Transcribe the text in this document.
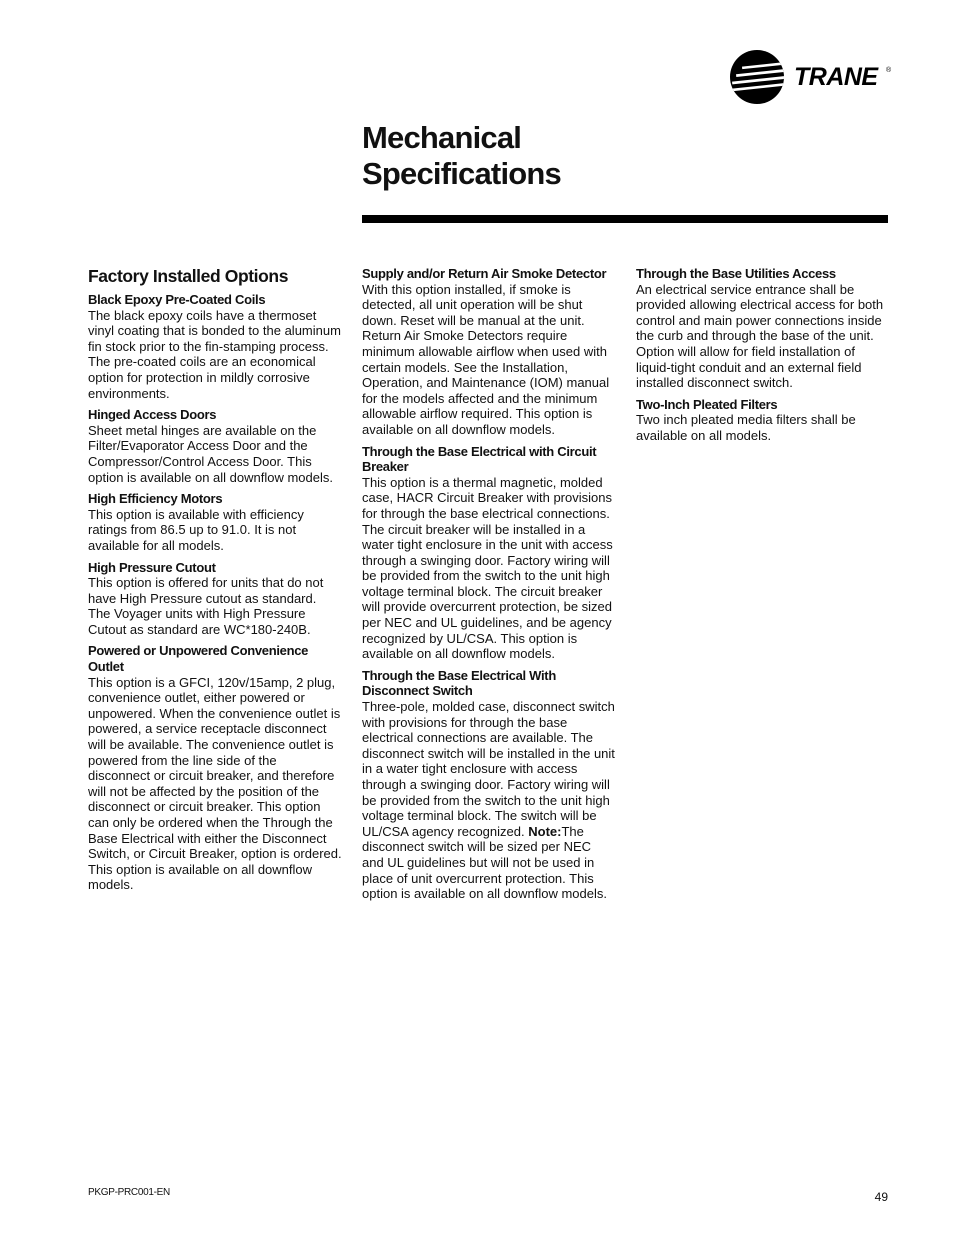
TRANE ®
Mechanical
Specifications
Factory Installed Options
Black Epoxy Pre-Coated Coils

The black epoxy coils have a thermoset vinyl coating that is bonded to the aluminum fin stock prior to the fin-stamping process. The pre-coated coils are an economical option for protection in mildly corrosive environments.

Hinged Access Doors

Sheet metal hinges are available on the Filter/Evaporator Access Door and the Compressor/Control Access Door. This option is available on all downflow models.

High Efficiency Motors

This option is available with efficiency ratings from 86.5 up to 91.0. It is not available for all models.

High Pressure Cutout

This option is offered for units that do not have High Pressure cutout as standard. The Voyager units with High Pressure Cutout as standard are WC*180-240B.

Powered or Unpowered Convenience Outlet

This option is a GFCI, 120v/15amp, 2 plug, convenience outlet, either powered or unpowered. When the convenience outlet is powered, a service receptacle disconnect will be available. The convenience outlet is powered from the line side of the disconnect or circuit breaker, and therefore will not be affected by the position of the disconnect or circuit breaker. This option can only be ordered when the Through the Base Electrical with either the Disconnect Switch, or Circuit Breaker, option is ordered. This option is available on all downflow models.

Supply and/or Return Air Smoke Detector

With this option installed, if smoke is detected, all unit operation will be shut down. Reset will be manual at the unit. Return Air Smoke Detectors require minimum allowable airflow when used with certain models. See the Installation, Operation, and Maintenance (IOM) manual for the models affected and the minimum allowable airflow required. This option is available on all downflow models.

Through the Base Electrical with Circuit Breaker

This option is a thermal magnetic, molded case, HACR Circuit Breaker with provisions for through the base electrical connections. The circuit breaker will be installed in a water tight enclosure in the unit with access through a swinging door. Factory wiring will be provided from the switch to the unit high voltage terminal block. The circuit breaker will provide overcurrent protection, be sized per NEC and UL guidelines, and be agency recognized by UL/CSA. This option is available on all downflow models.

Through the Base Electrical With Disconnect Switch

Three-pole, molded case, disconnect switch with provisions for through the base electrical connections are available. The disconnect switch will be installed in the unit in a water tight enclosure with access through a swinging door. Factory wiring will be provided from the switch to the unit high voltage terminal block. The switch will be UL/CSA agency recognized. Note:The disconnect switch will be sized per NEC and UL guidelines but will not be used in place of unit overcurrent protection. This option is available on all downflow models.

Through the Base Utilities Access

An electrical service entrance shall be provided allowing electrical access for both control and main power connections inside the curb and through the base of the unit. Option will allow for field installation of liquid-tight conduit and an external field installed disconnect switch.

Two-Inch Pleated Filters

Two inch pleated media filters shall be available on all models.

PKGP-PRC001-EN	49
